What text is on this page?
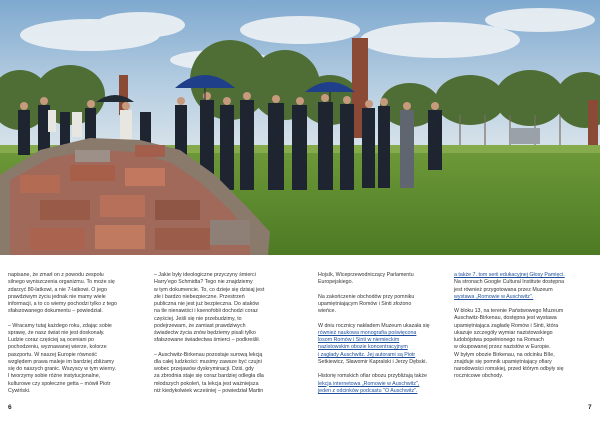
napisane, że zmarł on z powodu zespołu

silnego wyniszczenia organizmu. To może się

zdarzyć 80-latkowi, a nie 7-latkowi. O jego

prawdziwym życiu jednak nie mamy wiele

informacji, a to co wiemy pochodzi tylko z tego

sfałszowanego dokumentu – powiedział.

– Wracamy tutaj każdego roku, zdając sobie

sprawę, że nasz świat nie jest doskonały.

Ludzie coraz częściej są oceniani po

pochodzeniu, wyznawanej wierze, kolorze

paszportu. W naszej Europie równość

względem prawa maleje im bardziej zbliżamy

się do naszych granic. Wszyscy w tym wierny.

I tworzymy sobie różne instytucjonalne,

kulturowe czy społeczne getta – mówił Piotr

Cywiński.

– Jakie były ideologiczne przyczyny śmierci

Harry'ego Schmidta? Tego nie znajdziemy

w tym dokumencie. To, co dzieje się dzisiaj jest

złe i bardzo niebezpieczne. Przestrzeń

publiczna nie jest już bezpieczna. Do ataków

na tle nienawiści i ksenofobii dochodzi coraz

częściej. Jeśli się nie przebudzimy, to

podejrzewam, że zamiast prawdziwych

świadectw życia znów będziemy pisali tylko

sfałszowane świadectwa śmierci – podkreślił.

– Auschwitz-Birkenau pozostaje surową lekcją

dla całej ludzkości: musimy zawsze być czujni

wobec przejawów dyskryminacji. Dziś, gdy

za zbrodnia staje się coraz bardziej odległa dla

młodszych pokoleń, ta lekcja jest ważniejsza

niż kiedykolwiek wcześniej – powiedział Martin

Hojsík, Wiceprzewodniczący Parlamentu

Europejskiego.

Na zakończenie obchodów przy pomniku

upamiętniającym Romów i Sinti złożono

wieńce.

W dniu rocznicy nakładem Muzeum ukazała się

również naukowa monografia poświęcona

losom Romów i Sinti w niemieckim

nazistowskim obozie koncentracyjnym

i zagłady Auschwitz. Jej autorami są Piotr

Setkiewicz, Sławomir Kapralski i Jerzy Dębski.

Historię romskich ofiar obozu przybliżają także

lekcja internetowa „Romowie w Auschwitz",

jeden z odcinków podcastu "O Auschwitz".

a także 7. tom serii edukacyjnej Głosy Pamięci.

Na stronach Google Cultural Institute dostępna

jest również przygotowana przez Muzeum

wystawa „Romowie w Auschwitz".

W bloku 13, na terenie Państwowego Muzeum

Auschwitz-Birkenau, dostępna jest wystawa

upamiętniająca zagładę Romów i Sinti, która

ukazuje szczegóły wymiar nazistowskiego

ludobójstwa popełnionego na Romach

w okupowanej przez nazistów w Europie.

W byłym obozie Birkenau, na odcinku BIIe,

znajduje się pomnik upamiętniający ofiary

narodowości romskiej, przed którym odbyły się

rocznicowe obchody.

6	7
